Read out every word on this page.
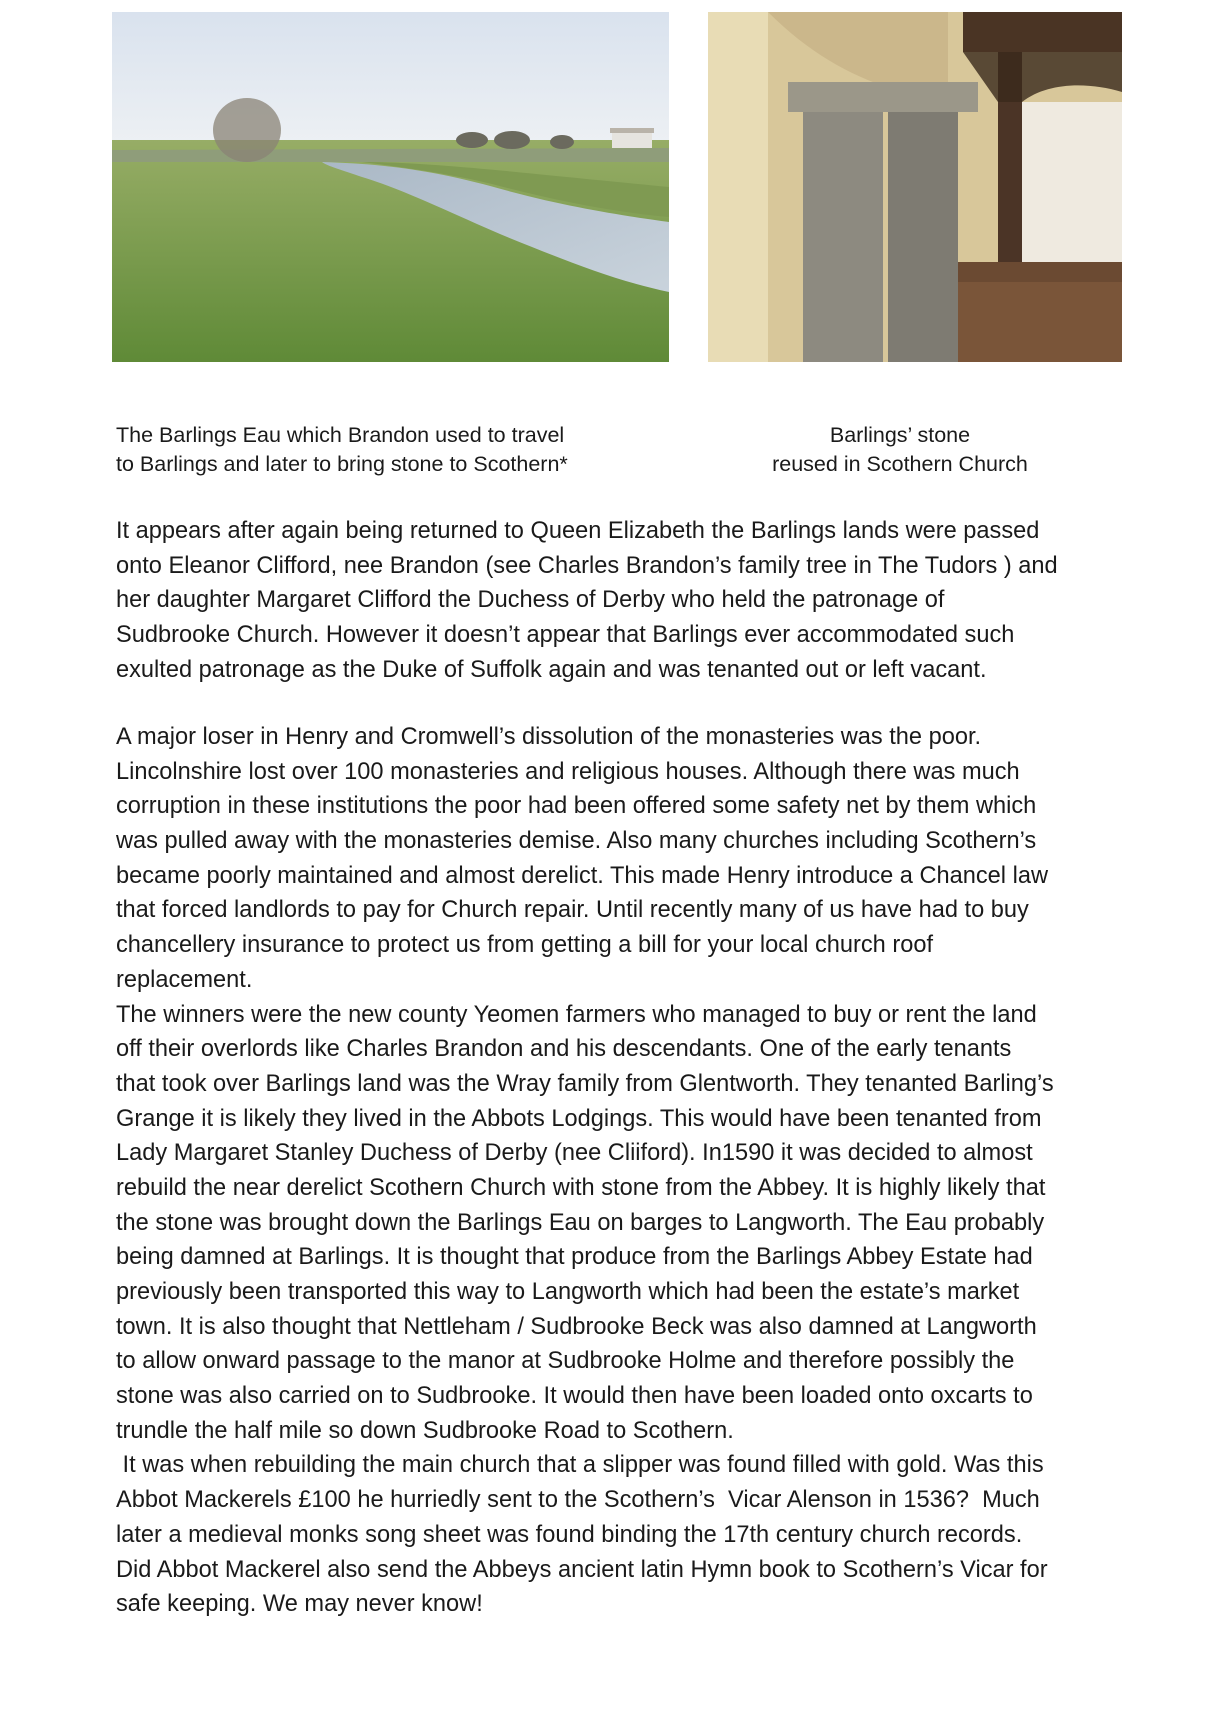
The Barlings Eau which Brandon used to travel
to Barlings and later to bring stone to Scothern*
Barlings’ stone
reused in Scothern Church
It appears after again being returned to Queen Elizabeth the Barlings lands were passed
onto Eleanor Clifford, nee Brandon (see Charles Brandon’s family tree in The Tudors ) and
her daughter Margaret Clifford the Duchess of Derby who held the patronage of
Sudbrooke Church. However it doesn’t appear that Barlings ever accommodated such
exulted patronage as the Duke of Suffolk again and was tenanted out or left vacant.
A major loser in Henry and Cromwell’s dissolution of the monasteries was the poor.
Lincolnshire lost over 100 monasteries and religious houses. Although there was much
corruption in these institutions the poor had been offered some safety net by them which
was pulled away with the monasteries demise. Also many churches including Scothern’s
became poorly maintained and almost derelict. This made Henry introduce a Chancel law
that forced landlords to pay for Church repair. Until recently many of us have had to buy
chancellery insurance to protect us from getting a bill for your local church roof
replacement.
The winners were the new county Yeomen farmers who managed to buy or rent the land
off their overlords like Charles Brandon and his descendants. One of the early tenants
that took over Barlings land was the Wray family from Glentworth. They tenanted Barling’s
Grange it is likely they lived in the Abbots Lodgings. This would have been tenanted from
Lady Margaret Stanley Duchess of Derby (nee Cliiford). In1590 it was decided to almost
rebuild the near derelict Scothern Church with stone from the Abbey. It is highly likely that
the stone was brought down the Barlings Eau on barges to Langworth. The Eau probably
being damned at Barlings. It is thought that produce from the Barlings Abbey Estate had
previously been transported this way to Langworth which had been the estate’s market
town. It is also thought that Nettleham / Sudbrooke Beck was also damned at Langworth
to allow onward passage to the manor at Sudbrooke Holme and therefore possibly the
stone was also carried on to Sudbrooke. It would then have been loaded onto oxcarts to
trundle the half mile so down Sudbrooke Road to Scothern.
It was when rebuilding the main church that a slipper was found filled with gold. Was this
Abbot Mackerels £100 he hurriedly sent to the Scothern’s  Vicar Alenson in 1536?  Much
later a medieval monks song sheet was found binding the 17th century church records.
Did Abbot Mackerel also send the Abbeys ancient latin Hymn book to Scothern’s Vicar for
safe keeping. We may never know!
